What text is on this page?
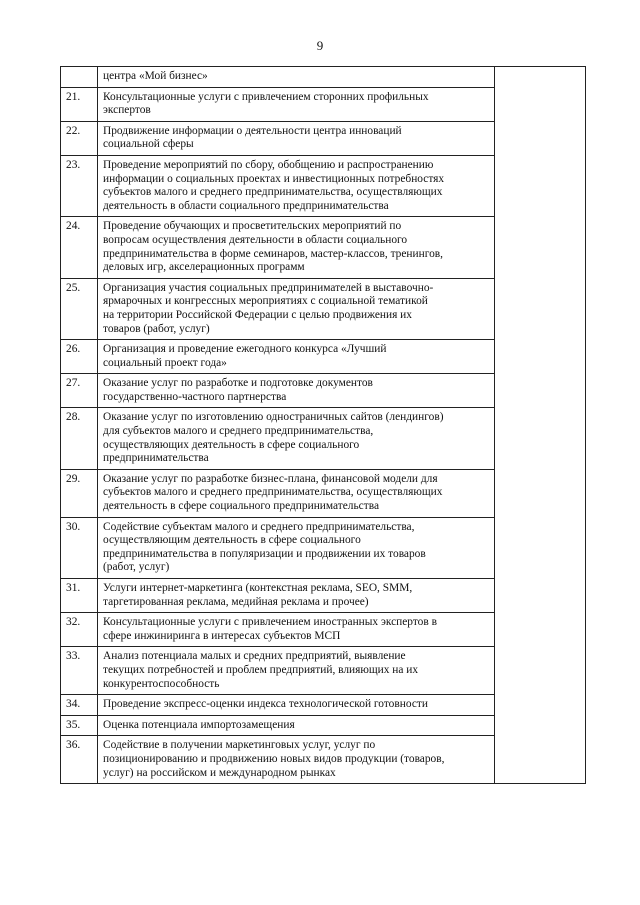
9
	центра «Мой бизнес»	
21.	Консультационные услуги с привлечением сторонних профильных
экспертов	
22.	Продвижение информации о деятельности центра инноваций
социальной сферы	
23.	Проведение мероприятий по сбору, обобщению и распространению
информации о социальных проектах и инвестиционных потребностях
субъектов малого и среднего предпринимательства, осуществляющих
деятельность в области социального предпринимательства	
24.	Проведение обучающих и просветительских мероприятий по
вопросам осуществления деятельности в области социального
предпринимательства в форме семинаров, мастер-классов, тренингов,
деловых игр, акселерационных программ	
25.	Организация участия социальных предпринимателей в выставочно-
ярмарочных и конгрессных мероприятиях с социальной тематикой
на территории Российской Федерации с целью продвижения их
товаров (работ, услуг)	
26.	Организация и проведение ежегодного конкурса «Лучший
социальный проект года»	
27.	Оказание услуг по разработке и подготовке документов
государственно-частного партнерства	
28.	Оказание услуг по изготовлению одностраничных сайтов (лендингов)
для субъектов малого и среднего предпринимательства,
осуществляющих деятельность в сфере социального
предпринимательства	
29.	Оказание услуг по разработке бизнес-плана, финансовой модели для
субъектов малого и среднего предпринимательства, осуществляющих
деятельность в сфере социального предпринимательства	
30.	Содействие субъектам малого и среднего предпринимательства,
осуществляющим деятельность в сфере социального
предпринимательства в популяризации и продвижении их товаров
(работ, услуг)	
31.	Услуги интернет-маркетинга (контекстная реклама, SEO, SMM,
таргетированная реклама, медийная реклама и прочее)	
32.	Консультационные услуги с привлечением иностранных экспертов в
сфере инжиниринга в интересах субъектов МСП	
33.	Анализ потенциала малых и средних предприятий, выявление
текущих потребностей и проблем предприятий, влияющих на их
конкурентоспособность	
34.	Проведение экспресс-оценки индекса технологической готовности	
35.	Оценка потенциала импортозамещения	
36.	Содействие в получении маркетинговых услуг, услуг по
позиционированию и продвижению новых видов продукции (товаров,
услуг) на российском и международном рынках	
